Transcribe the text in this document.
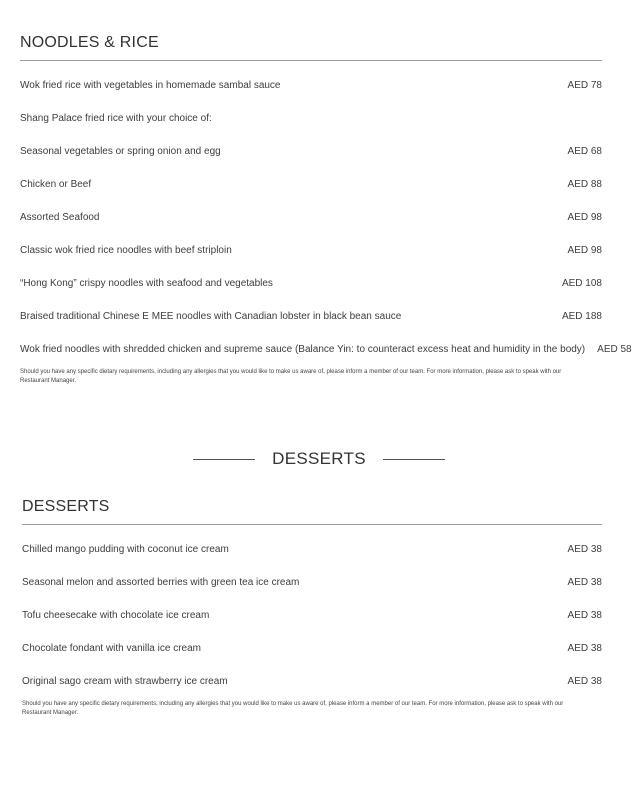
NOODLES & RICE
Wok fried rice with vegetables in homemade sambal sauce	AED 78
Shang Palace fried rice with your choice of:
Seasonal vegetables or spring onion and egg	AED 68
Chicken or Beef	AED 88
Assorted Seafood	AED 98
Classic wok fried rice noodles with beef striploin	AED 98
“Hong Kong” crispy noodles with seafood and vegetables	AED 108
Braised traditional Chinese E MEE noodles with Canadian lobster in black bean sauce	AED 188
Wok fried noodles with shredded chicken and supreme sauce (Balance Yin: to counteract excess heat and humidity in the body) AED 58

Should you have any specific dietary requirements, including any allergies that you would like to make us aware of, please inform a member of our team. For more information, please ask to speak with our Restaurant Manager.

DESSERTS
DESSERTS
Chilled mango pudding with coconut ice cream	AED 38
Seasonal melon and assorted berries with green tea ice cream	AED 38
Tofu cheesecake with chocolate ice cream	AED 38
Chocolate fondant with vanilla ice cream	AED 38
Original sago cream with strawberry ice cream	AED 38

Should you have any specific dietary requirements, including any allergies that you would like to make us aware of, please inform a member of our team. For more information, please ask to speak with our Restaurant Manager.
